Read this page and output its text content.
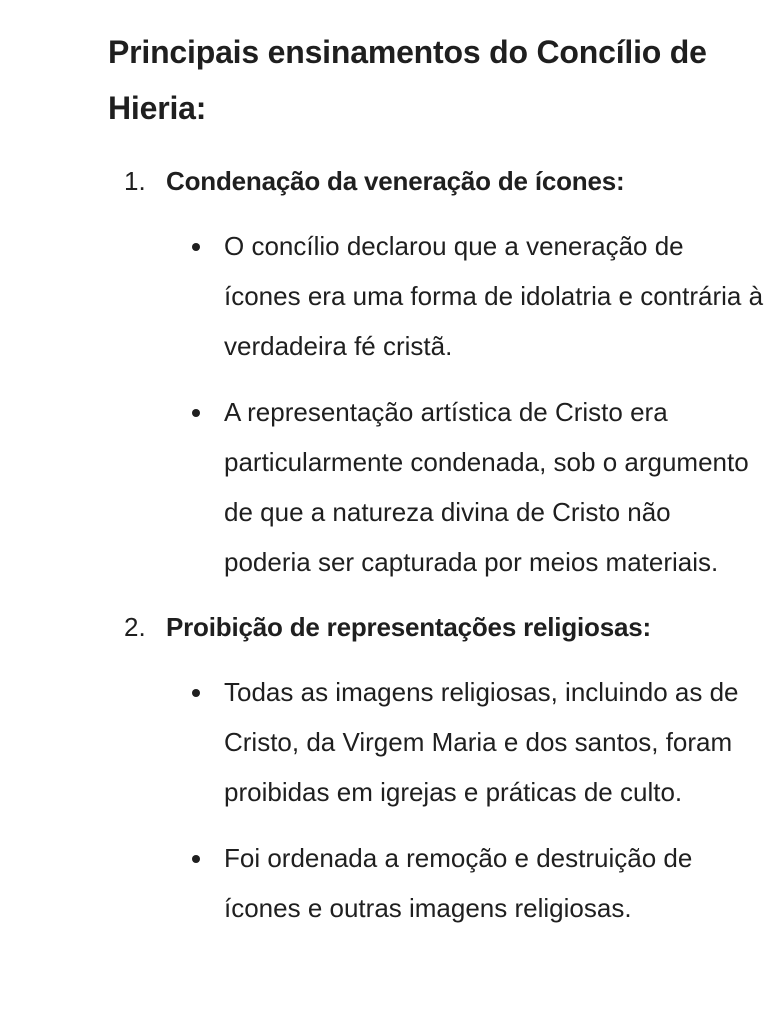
Principais ensinamentos do Concílio de Hieria:
1. Condenação da veneração de ícones:
O concílio declarou que a veneração de ícones era uma forma de idolatria e contrária à verdadeira fé cristã.
A representação artística de Cristo era particularmente condenada, sob o argumento de que a natureza divina de Cristo não poderia ser capturada por meios materiais.
2. Proibição de representações religiosas:
Todas as imagens religiosas, incluindo as de Cristo, da Virgem Maria e dos santos, foram proibidas em igrejas e práticas de culto.
Foi ordenada a remoção e destruição de ícones e outras imagens religiosas.
